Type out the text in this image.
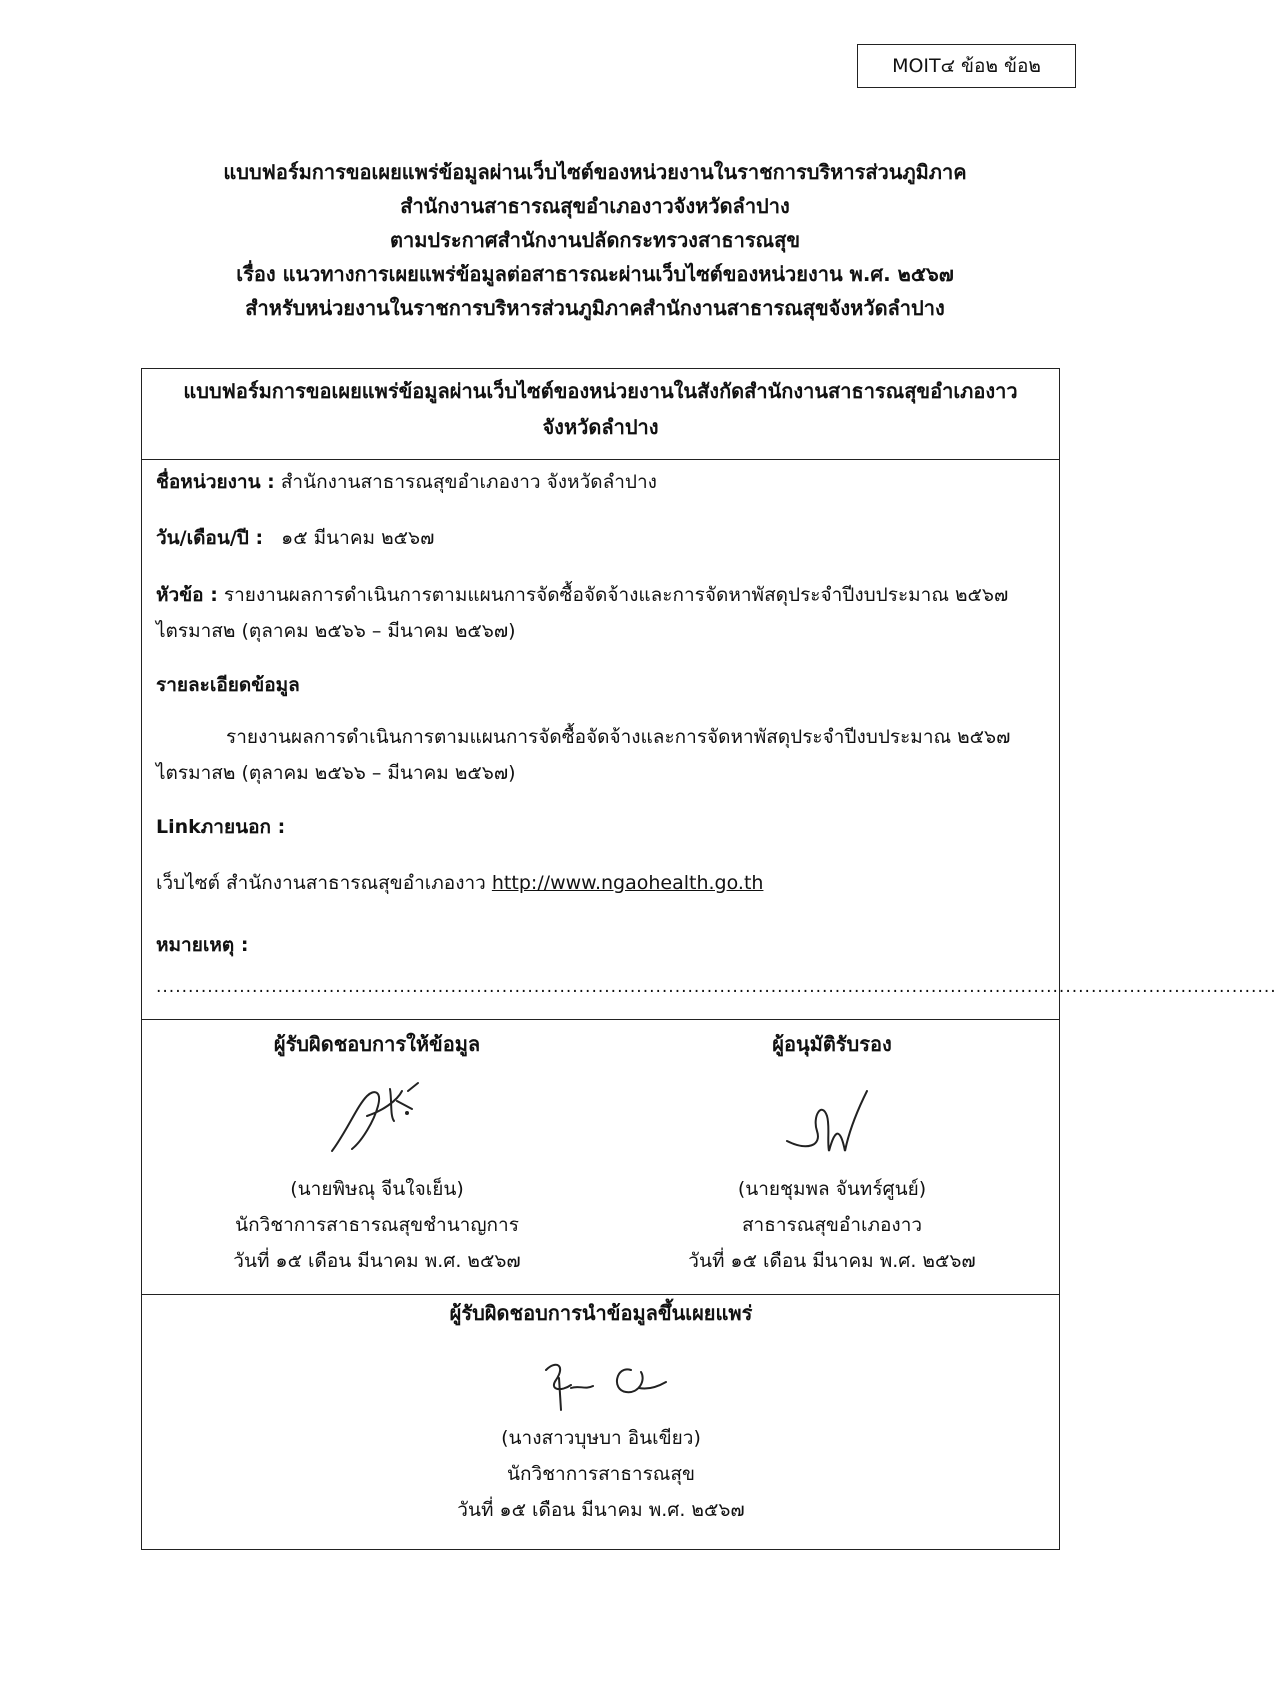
MOIT๔ ข้อ๒ ข้อ๒
แบบฟอร์มการขอเผยแพร่ข้อมูลผ่านเว็บไซต์ของหน่วยงานในราชการบริหารส่วนภูมิภาค
สำนักงานสาธารณสุขอำเภองาวจังหวัดลำปาง
ตามประกาศสำนักงานปลัดกระทรวงสาธารณสุข
เรื่อง แนวทางการเผยแพร่ข้อมูลต่อสาธารณะผ่านเว็บไซต์ของหน่วยงาน พ.ศ. ๒๕๖๗
สำหรับหน่วยงานในราชการบริหารส่วนภูมิภาคสำนักงานสาธารณสุขจังหวัดลำปาง
แบบฟอร์มการขอเผยแพร่ข้อมูลผ่านเว็บไซต์ของหน่วยงานในสังกัดสำนักงานสาธารณสุขอำเภองาว
จังหวัดลำปาง
ชื่อหน่วยงาน : สำนักงานสาธารณสุขอำเภองาว จังหวัดลำปาง
วัน/เดือน/ปี : ๑๕ มีนาคม ๒๕๖๗
หัวข้อ : รายงานผลการดำเนินการตามแผนการจัดซื้อจัดจ้างและการจัดหาพัสดุประจำปีงบประมาณ ๒๕๖๗
ไตรมาส๒ (ตุลาคม ๒๕๖๖ – มีนาคม ๒๕๖๗)
รายละเอียดข้อมูล
รายงานผลการดำเนินการตามแผนการจัดซื้อจัดจ้างและการจัดหาพัสดุประจำปีงบประมาณ ๒๕๖๗
ไตรมาส๒ (ตุลาคม ๒๕๖๖ – มีนาคม ๒๕๖๗)
Linkภายนอก :
เว็บไซต์ สำนักงานสาธารณสุขอำเภองาว http://www.ngaohealth.go.th
หมายเหตุ :
...............................................................................................................................................................................
ผู้รับผิดชอบการให้ข้อมูล
(นายพิษณุ จีนใจเย็น)
นักวิชาการสาธารณสุขชำนาญการ
วันที่ ๑๕ เดือน มีนาคม พ.ศ. ๒๕๖๗
ผู้อนุมัติรับรอง
(นายชุมพล จันทร์ศูนย์)
สาธารณสุขอำเภองาว
วันที่ ๑๕ เดือน มีนาคม พ.ศ. ๒๕๖๗
ผู้รับผิดชอบการนำข้อมูลขึ้นเผยแพร่
(นางสาวบุษบา อินเขียว)
นักวิชาการสาธารณสุข
วันที่ ๑๕ เดือน มีนาคม พ.ศ. ๒๕๖๗
